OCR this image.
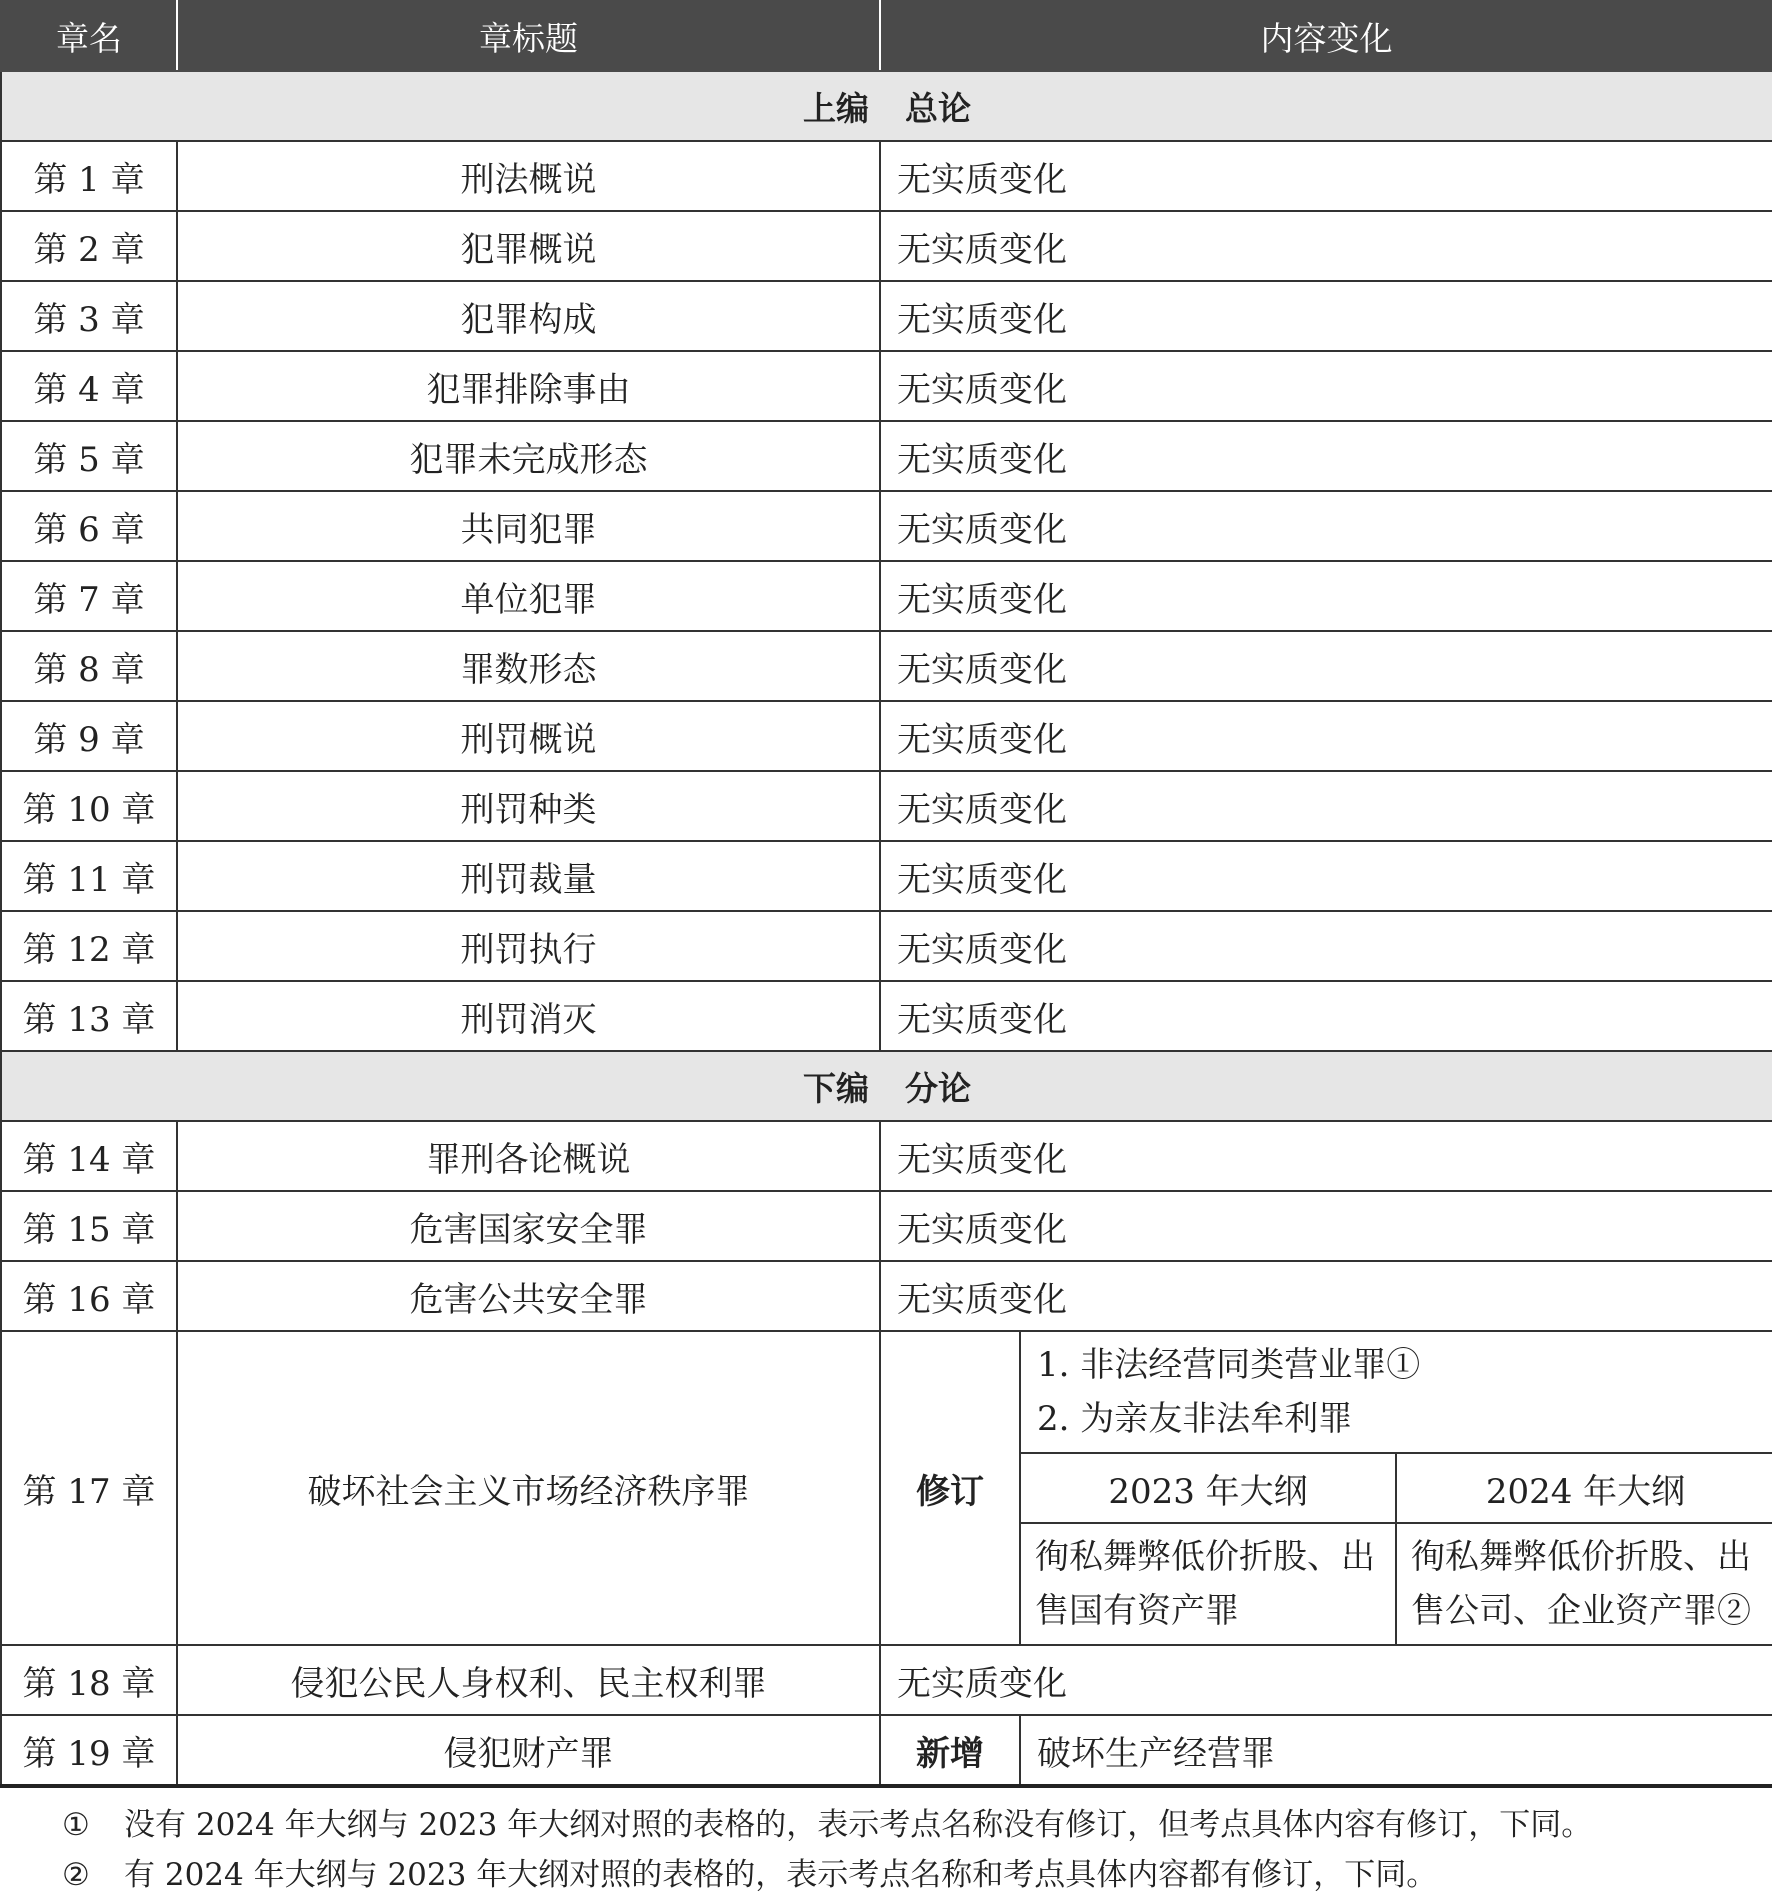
章名	章标题	内容变化
上编 总论
第 1 章	刑法概说	无实质变化
第 2 章	犯罪概说	无实质变化
第 3 章	犯罪构成	无实质变化
第 4 章	犯罪排除事由	无实质变化
第 5 章	犯罪未完成形态	无实质变化
第 6 章	共同犯罪	无实质变化
第 7 章	单位犯罪	无实质变化
第 8 章	罪数形态	无实质变化
第 9 章	刑罚概说	无实质变化
第 10 章	刑罚种类	无实质变化
第 11 章	刑罚裁量	无实质变化
第 12 章	刑罚执行	无实质变化
第 13 章	刑罚消灭	无实质变化
下编 分论
第 14 章	罪刑各论概说	无实质变化
第 15 章	危害国家安全罪	无实质变化
第 16 章	危害公共安全罪	无实质变化
第 17 章	破坏社会主义市场经济秩序罪	修订	
1. 非法经营同类营业罪①
2. 为亲友非法牟利罪

2023 年大纲	2024 年大纲
徇私舞弊低价折股、出售国有资产罪	徇私舞弊低价折股、出售公司、企业资产罪②

第 18 章	侵犯公民人身权利、民主权利罪	无实质变化
第 19 章	侵犯财产罪	新增	破坏生产经营罪
① 没有 2024 年大纲与 2023 年大纲对照的表格的，表示考点名称没有修订，但考点具体内容有修订，下同。
② 有 2024 年大纲与 2023 年大纲对照的表格的，表示考点名称和考点具体内容都有修订，下同。
